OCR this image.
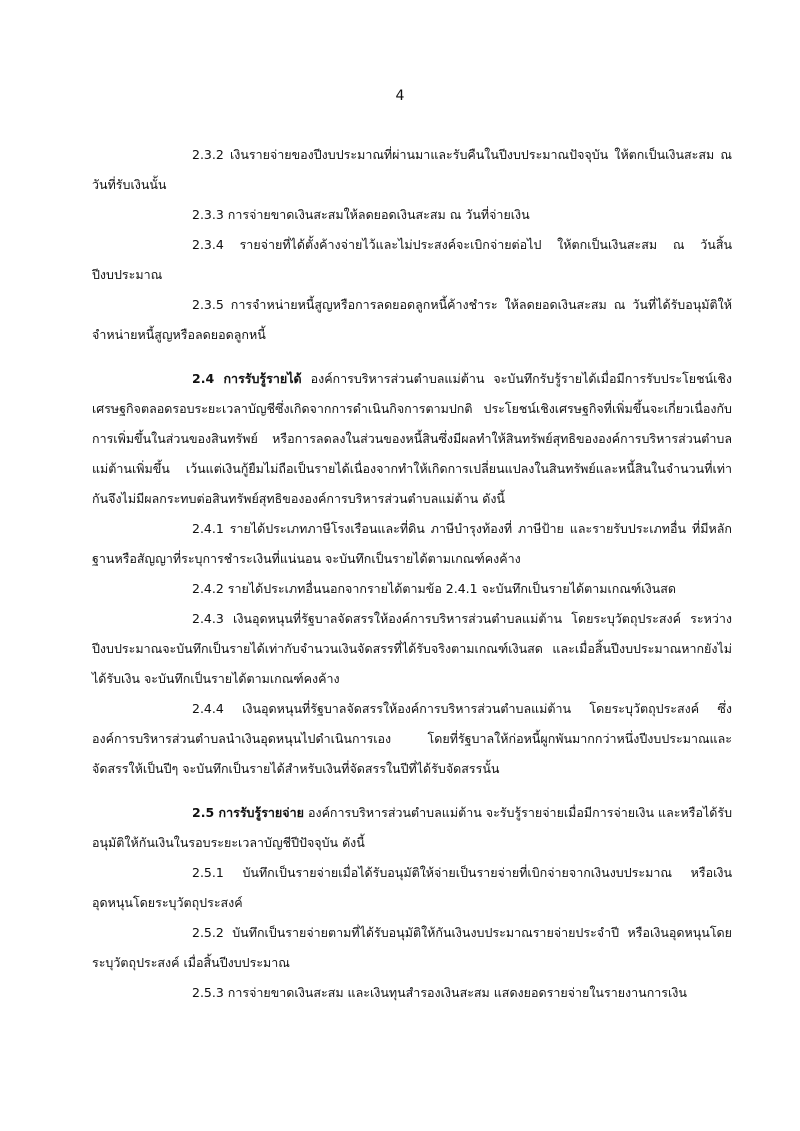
4

2.3.2 เงินรายจ่ายของปีงบประมาณที่ผ่านมาและรับคืนในปีงบประมาณปัจจุบัน ให้ตกเป็นเงินสะสม ณ วันที่รับเงินนั้น

2.3.3 การจ่ายขาดเงินสะสมให้ลดยอดเงินสะสม ณ วันที่จ่ายเงิน

2.3.4 รายจ่ายที่ได้ตั้งค้างจ่ายไว้และไม่ประสงค์จะเบิกจ่ายต่อไป ให้ตกเป็นเงินสะสม ณ วันสิ้นปีงบประมาณ

2.3.5 การจำหน่ายหนี้สูญหรือการลดยอดลูกหนี้ค้างชำระ ให้ลดยอดเงินสะสม ณ วันที่ได้รับอนุมัติให้จำหน่ายหนี้สูญหรือลดยอดลูกหนี้

2.4 การรับรู้รายได้ องค์การบริหารส่วนตำบลแม่ต้าน จะบันทึกรับรู้รายได้เมื่อมีการรับประโยชน์เชิงเศรษฐกิจตลอดรอบระยะเวลาบัญชีซึ่งเกิดจากการดำเนินกิจการตามปกติ ประโยชน์เชิงเศรษฐกิจที่เพิ่มขึ้นจะเกี่ยวเนื่องกับการเพิ่มขึ้นในส่วนของสินทรัพย์ หรือการลดลงในส่วนของหนี้สินซึ่งมีผลทำให้สินทรัพย์สุทธิขององค์การบริหารส่วนตำบลแม่ต้านเพิ่มขึ้น เว้นแต่เงินกู้ยืมไม่ถือเป็นรายได้เนื่องจากทำให้เกิดการเปลี่ยนแปลงในสินทรัพย์และหนี้สินในจำนวนที่เท่ากันจึงไม่มีผลกระทบต่อสินทรัพย์สุทธิขององค์การบริหารส่วนตำบลแม่ต้าน ดังนี้

2.4.1 รายได้ประเภทภาษีโรงเรือนและที่ดิน ภาษีบำรุงท้องที่ ภาษีป้าย และรายรับประเภทอื่น ที่มีหลักฐานหรือสัญญาที่ระบุการชำระเงินที่แน่นอน จะบันทึกเป็นรายได้ตามเกณฑ์คงค้าง

2.4.2 รายได้ประเภทอื่นนอกจากรายได้ตามข้อ 2.4.1 จะบันทึกเป็นรายได้ตามเกณฑ์เงินสด

2.4.3 เงินอุดหนุนที่รัฐบาลจัดสรรให้องค์การบริหารส่วนตำบลแม่ต้าน โดยระบุวัตถุประสงค์ ระหว่างปีงบประมาณจะบันทึกเป็นรายได้เท่ากับจำนวนเงินจัดสรรที่ได้รับจริงตามเกณฑ์เงินสด และเมื่อสิ้นปีงบประมาณหากยังไม่ได้รับเงิน จะบันทึกเป็นรายได้ตามเกณฑ์คงค้าง

2.4.4 เงินอุดหนุนที่รัฐบาลจัดสรรให้องค์การบริหารส่วนตำบลแม่ต้าน โดยระบุวัตถุประสงค์ ซึ่งองค์การบริหารส่วนตำบลนำเงินอุดหนุนไปดำเนินการเอง โดยที่รัฐบาลให้ก่อหนี้ผูกพันมากกว่าหนึ่งปีงบประมาณและจัดสรรให้เป็นปีๆ จะบันทึกเป็นรายได้สำหรับเงินที่จัดสรรในปีที่ได้รับจัดสรรนั้น

2.5 การรับรู้รายจ่าย องค์การบริหารส่วนตำบลแม่ต้าน จะรับรู้รายจ่ายเมื่อมีการจ่ายเงิน และหรือได้รับอนุมัติให้กันเงินในรอบระยะเวลาบัญชีปีปัจจุบัน ดังนี้

2.5.1 บันทึกเป็นรายจ่ายเมื่อได้รับอนุมัติให้จ่ายเป็นรายจ่ายที่เบิกจ่ายจากเงินงบประมาณ หรือเงินอุดหนุนโดยระบุวัตถุประสงค์

2.5.2 บันทึกเป็นรายจ่ายตามที่ได้รับอนุมัติให้กันเงินงบประมาณรายจ่ายประจำปี หรือเงินอุดหนุนโดยระบุวัตถุประสงค์ เมื่อสิ้นปีงบประมาณ

2.5.3 การจ่ายขาดเงินสะสม และเงินทุนสำรองเงินสะสม แสดงยอดรายจ่ายในรายงานการเงิน
